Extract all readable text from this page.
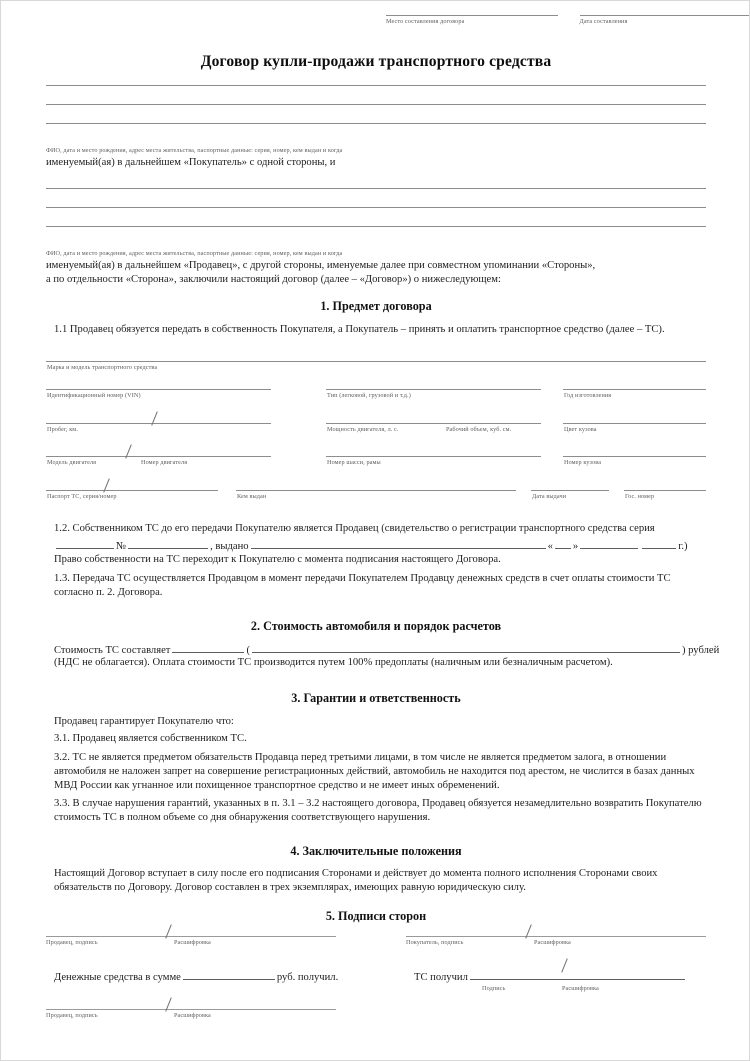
Место составления договора	Дата составления
Договор купли-продажи транспортного средства
ФИО, дата и место рождения, адрес места жительства, паспортные данные: серия, номер, кем выдан и когда
именуемый(ая) в дальнейшем «Покупатель» с одной стороны, и
ФИО, дата и место рождения, адрес места жительства, паспортные данные: серия, номер, кем выдан и когда
именуемый(ая) в дальнейшем «Продавец», с другой стороны, именуемые далее при совместном упоминании «Стороны»,
а по отдельности «Сторона», заключили настоящий договор (далее – «Договор») о нижеследующем:
1. Предмет договора
1.1 Продавец обязуется передать в собственность Покупателя, а Покупатель – принять и оплатить транспортное средство (далее – ТС).
Марка и модель транспортного средства
Идентификационный номер (VIN)	Тип (легковой, грузовой и т.д.)	Год изготовления
Пробег, км.	Мощность двигателя, л. с.	Рабочий объем, куб. см.	Цвет кузова
Модель двигателя	Номер двигателя	Номер шасси, рамы	Номер кузова
Паспорт ТС, серия/номер	Кем выдан	Дата выдачи	Гос. номер
1.2. Собственником ТС до его передачи Покупателю является Продавец (свидетельство о регистрации транспортного средства серия
№	, выдано	« »	г.)
Право собственности на ТС переходит к Покупателю с момента подписания настоящего Договора.
1.3. Передача ТС осуществляется Продавцом в момент передачи Покупателем Продавцу денежных средств в счет оплаты стоимости ТС согласно п. 2. Договора.
2. Стоимость автомобиля и порядок расчетов
Стоимость ТС составляет	(	) рублей
(НДС не облагается). Оплата стоимости ТС производится путем 100% предоплаты (наличным или безналичным расчетом).
3. Гарантии и ответственность
Продавец гарантирует Покупателю что:
3.1. Продавец является собственником ТС.
3.2. ТС не является предметом обязательств Продавца перед третьими лицами, в том числе не является предметом залога, в отношении автомобиля не наложен запрет на совершение регистрационных действий, автомобиль не находится под арестом, не числится в базах данных МВД России как угнанное или похищенное транспортное средство и не имеет иных обременений.
3.3. В случае нарушения гарантий, указанных в п. 3.1 – 3.2 настоящего договора, Продавец обязуется незамедлительно возвратить Покупателю стоимость ТС в полном объеме со дня обнаружения соответствующего нарушения.
4. Заключительные положения
Настоящий Договор вступает в силу после его подписания Сторонами и действует до момента полного исполнения Сторонами своих обязательств по Договору. Договор составлен в трех экземплярах, имеющих равную юридическую силу.
5. Подписи сторон
Продавец, подпись	Расшифровка	Покупатель, подпись	Расшифровка
Денежные средства в сумме	руб. получил.	ТС получил
Подпись	Расшифровка
Продавец, подпись	Расшифровка
